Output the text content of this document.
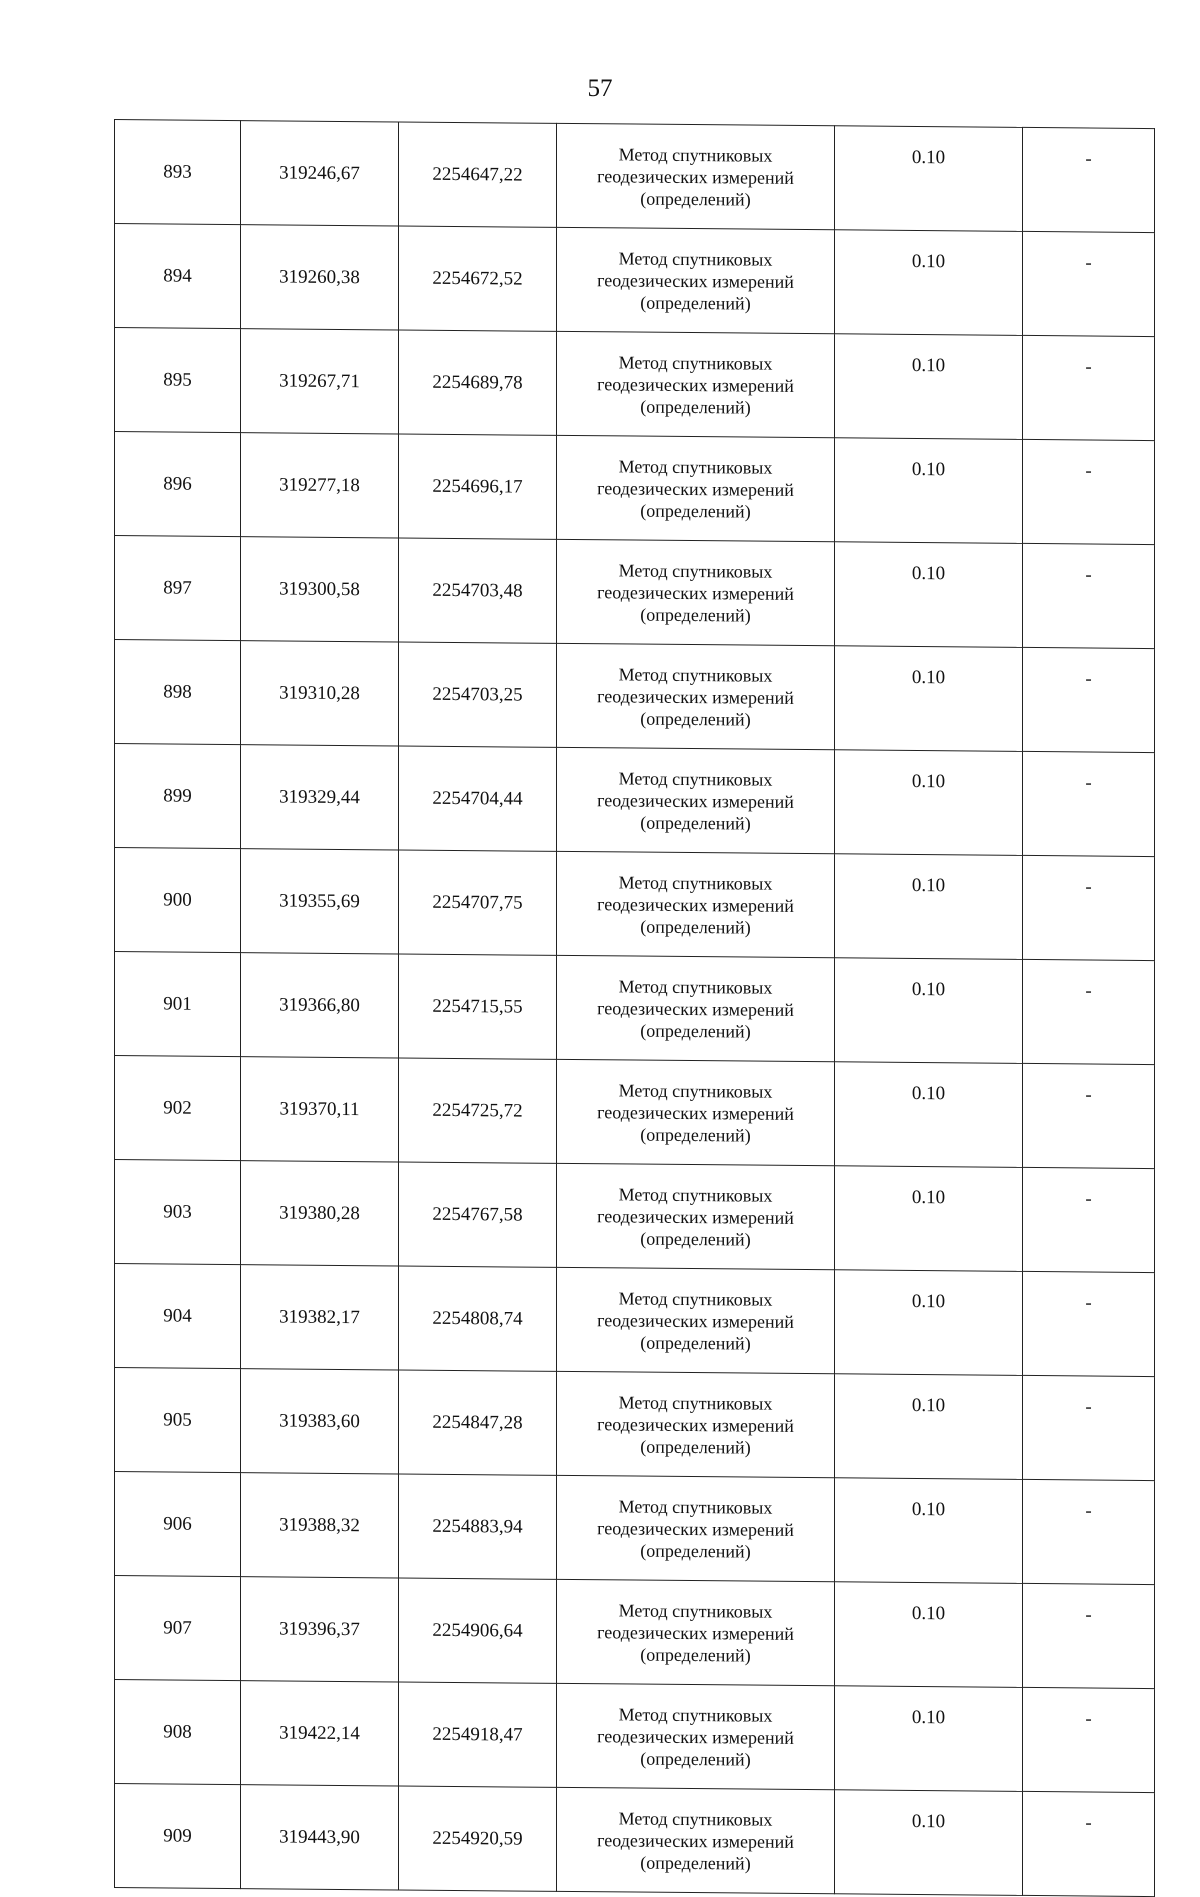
57
893	319246,67	2254647,22	Метод спутниковых
геодезических измерений
(определений)	0.10	-
894	319260,38	2254672,52	Метод спутниковых
геодезических измерений
(определений)	0.10	-
895	319267,71	2254689,78	Метод спутниковых
геодезических измерений
(определений)	0.10	-
896	319277,18	2254696,17	Метод спутниковых
геодезических измерений
(определений)	0.10	-
897	319300,58	2254703,48	Метод спутниковых
геодезических измерений
(определений)	0.10	-
898	319310,28	2254703,25	Метод спутниковых
геодезических измерений
(определений)	0.10	-
899	319329,44	2254704,44	Метод спутниковых
геодезических измерений
(определений)	0.10	-
900	319355,69	2254707,75	Метод спутниковых
геодезических измерений
(определений)	0.10	-
901	319366,80	2254715,55	Метод спутниковых
геодезических измерений
(определений)	0.10	-
902	319370,11	2254725,72	Метод спутниковых
геодезических измерений
(определений)	0.10	-
903	319380,28	2254767,58	Метод спутниковых
геодезических измерений
(определений)	0.10	-
904	319382,17	2254808,74	Метод спутниковых
геодезических измерений
(определений)	0.10	-
905	319383,60	2254847,28	Метод спутниковых
геодезических измерений
(определений)	0.10	-
906	319388,32	2254883,94	Метод спутниковых
геодезических измерений
(определений)	0.10	-
907	319396,37	2254906,64	Метод спутниковых
геодезических измерений
(определений)	0.10	-
908	319422,14	2254918,47	Метод спутниковых
геодезических измерений
(определений)	0.10	-
909	319443,90	2254920,59	Метод спутниковых
геодезических измерений
(определений)	0.10	-
